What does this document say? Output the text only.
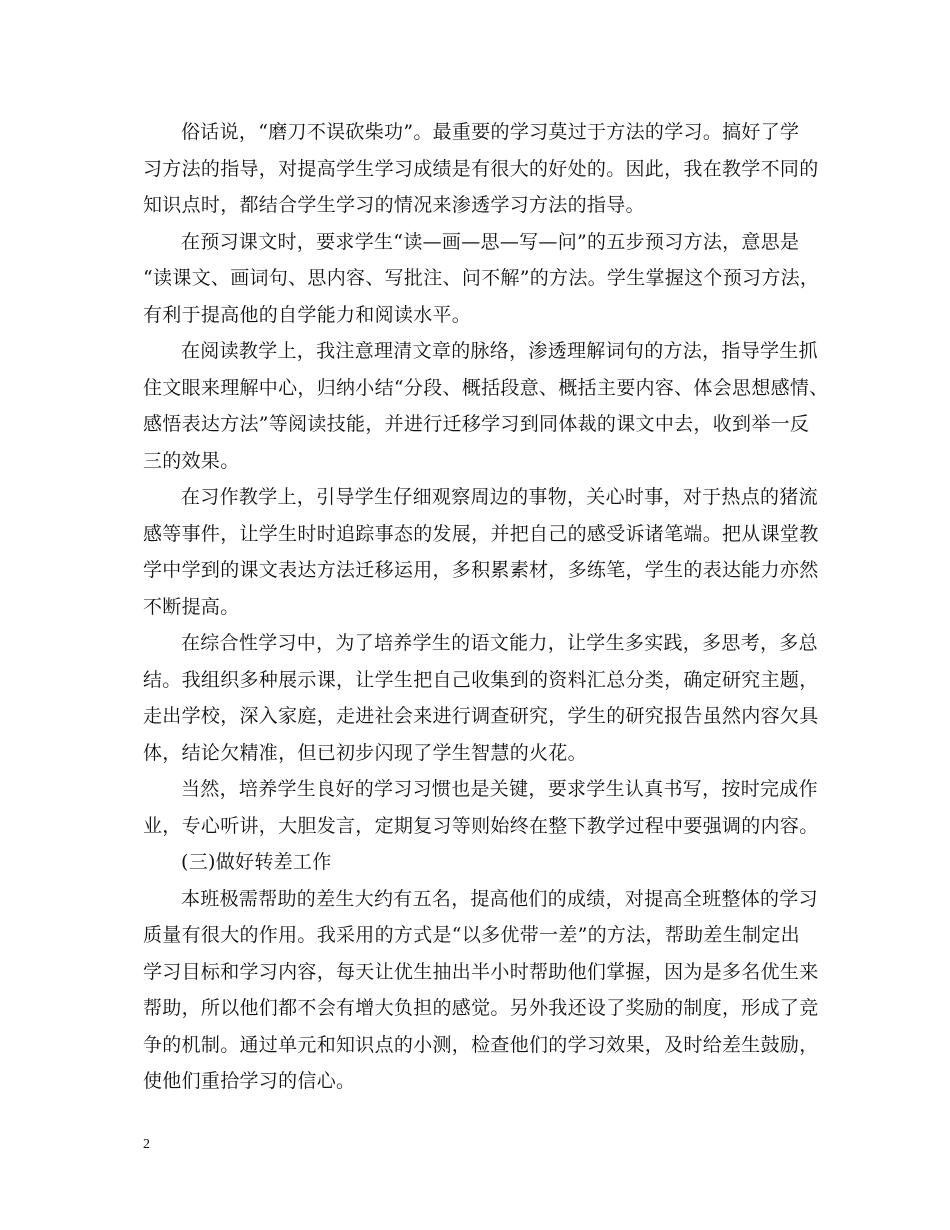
俗话说，“磨刀不误砍柴功”。最重要的学习莫过于方法的学习。搞好了学
习方法的指导，对提高学生学习成绩是有很大的好处的。因此，我在教学不同的
知识点时，都结合学生学习的情况来渗透学习方法的指导。

在预习课文时，要求学生“读—画—思—写—问”的五步预习方法，意思是
“读课文、画词句、思内容、写批注、问不解”的方法。学生掌握这个预习方法，
有利于提高他的自学能力和阅读水平。

在阅读教学上，我注意理清文章的脉络，渗透理解词句的方法，指导学生抓
住文眼来理解中心，归纳小结“分段、概括段意、概括主要内容、体会思想感情、
感悟表达方法”等阅读技能，并进行迁移学习到同体裁的课文中去，收到举一反
三的效果。

在习作教学上，引导学生仔细观察周边的事物，关心时事，对于热点的猪流
感等事件，让学生时时追踪事态的发展，并把自己的感受诉诸笔端。把从课堂教
学中学到的课文表达方法迁移运用，多积累素材，多练笔，学生的表达能力亦然
不断提高。

在综合性学习中，为了培养学生的语文能力，让学生多实践，多思考，多总
结。我组织多种展示课，让学生把自己收集到的资料汇总分类，确定研究主题，
走出学校，深入家庭，走进社会来进行调查研究，学生的研究报告虽然内容欠具
体，结论欠精准，但已初步闪现了学生智慧的火花。

当然，培养学生良好的学习习惯也是关键，要求学生认真书写，按时完成作
业，专心听讲，大胆发言，定期复习等则始终在整下教学过程中要强调的内容。

(三)做好转差工作

本班极需帮助的差生大约有五名，提高他们的成绩，对提高全班整体的学习
质量有很大的作用。我采用的方式是“以多优带一差”的方法，帮助差生制定出
学习目标和学习内容，每天让优生抽出半小时帮助他们掌握，因为是多名优生来
帮助，所以他们都不会有增大负担的感觉。另外我还设了奖励的制度，形成了竞
争的机制。通过单元和知识点的小测，检查他们的学习效果，及时给差生鼓励，
使他们重拾学习的信心。

2
